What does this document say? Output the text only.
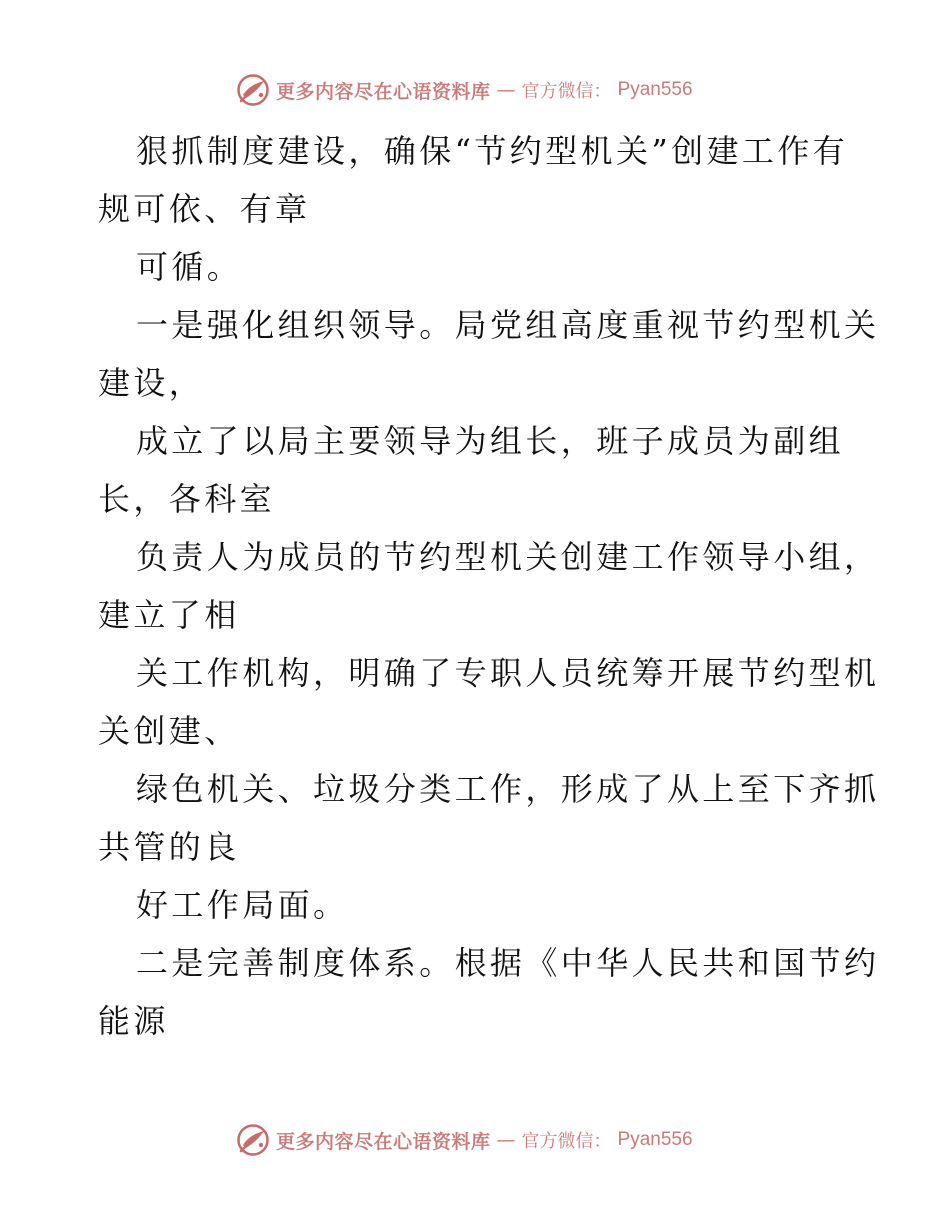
更多内容尽在心语资料库 — 官方微信： Pyan556
狠抓制度建设，确保“节约型机关”创建工作有
规可依、有章
可循。
一是强化组织领导。局党组高度重视节约型机关
建设，
成立了以局主要领导为组长，班子成员为副组
长，各科室
负责人为成员的节约型机关创建工作领导小组，
建立了相
关工作机构，明确了专职人员统筹开展节约型机
关创建、
绿色机关、垃圾分类工作，形成了从上至下齐抓
共管的良
好工作局面。
二是完善制度体系。根据《中华人民共和国节约
能源
更多内容尽在心语资料库 — 官方微信： Pyan556
